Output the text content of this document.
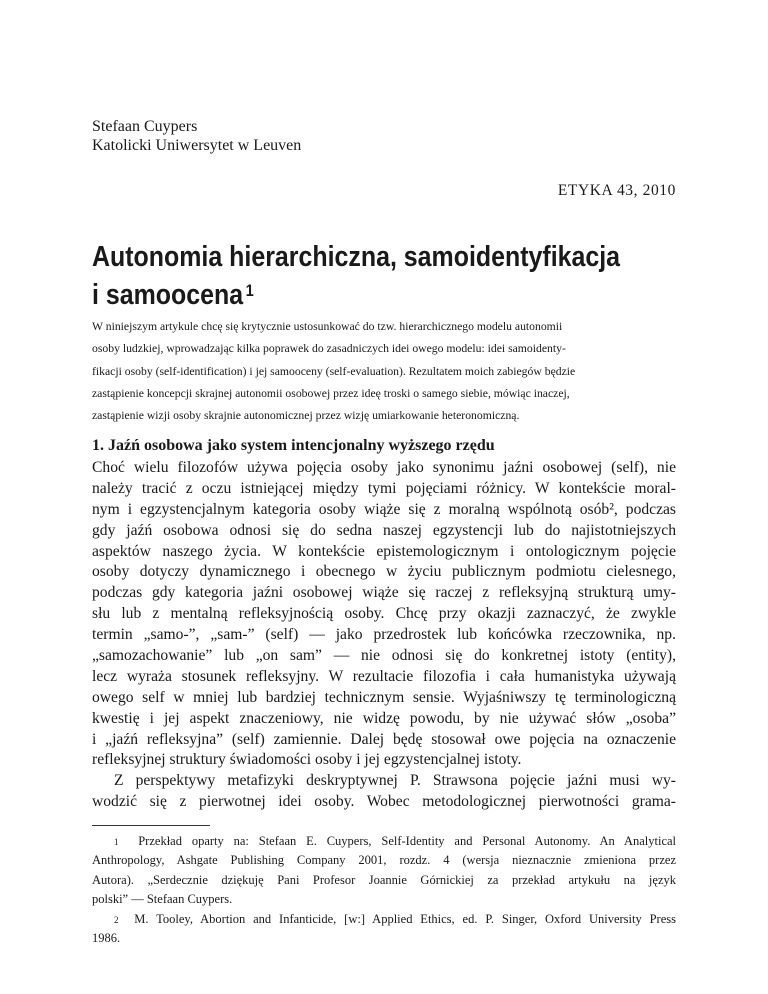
Stefaan Cuypers
Katolicki Uniwersytet w Leuven
ETYKA 43, 2010
Autonomia hierarchiczna, samoidentyfikacja
i samoocena $^1$
W niniejszym artykule chcę się krytycznie ustosunkować do tzw. hierarchicznego modelu autonomii
osoby ludzkiej, wprowadzając kilka poprawek do zasadniczych idei owego modelu: idei samoidenty-
fikacji osoby (self-identification) i jej samooceny (self-evaluation). Rezultatem moich zabiegów będzie
zastąpienie koncepcji skrajnej autonomii osobowej przez ideę troski o samego siebie, mówiąc inaczej,
zastąpienie wizji osoby skrajnie autonomicznej przez wizję umiarkowanie heteronomiczną.
1. Jaźń osobowa jako system intencjonalny wyższego rzędu
Choć wielu filozofów używa pojęcia osoby jako synonimu jaźni osobowej (self), nie
należy tracić z oczu istniejącej między tymi pojęciami różnicy. W kontekście moral-
nym i egzystencjalnym kategoria osoby wiąże się z moralną wspólnotą osób², podczas
gdy jaźń osobowa odnosi się do sedna naszej egzystencji lub do najistotniejszych
aspektów naszego życia. W kontekście epistemologicznym i ontologicznym pojęcie
osoby dotyczy dynamicznego i obecnego w życiu publicznym podmiotu cielesnego,
podczas gdy kategoria jaźni osobowej wiąże się raczej z refleksyjną strukturą umy-
słu lub z mentalną refleksyjnością osoby. Chcę przy okazji zaznaczyć, że zwykle
termin „samo-”, „sam-” (self) — jako przedrostek lub końcówka rzeczownika, np.
„samozachowanie” lub „on sam” — nie odnosi się do konkretnej istoty (entity),
lecz wyraża stosunek refleksyjny. W rezultacie filozofia i cała humanistyka używają
owego self w mniej lub bardziej technicznym sensie. Wyjaśniwszy tę terminologiczną
kwestię i jej aspekt znaczeniowy, nie widzę powodu, by nie używać słów „osoba”
i „jaźń refleksyjna” (self) zamiennie. Dalej będę stosował owe pojęcia na oznaczenie
refleksyjnej struktury świadomości osoby i jej egzystencjalnej istoty.
Z perspektywy metafizyki deskryptywnej P. Strawsona pojęcie jaźni musi wy-
wodzić się z pierwotnej idei osoby. Wobec metodologicznej pierwotności grama-
$^1$ Przekład oparty na: Stefaan E. Cuypers, Self-Identity and Personal Autonomy. An Analytical
Anthropology, Ashgate Publishing Company 2001, rozdz. 4 (wersja nieznacznie zmieniona przez
Autora). „Serdecznie dziękuję Pani Profesor Joannie Górnickiej za przekład artykułu na język
polski” — Stefaan Cuypers.
$^2$ M. Tooley, Abortion and Infanticide, [w:] Applied Ethics, ed. P. Singer, Oxford University Press
1986.
